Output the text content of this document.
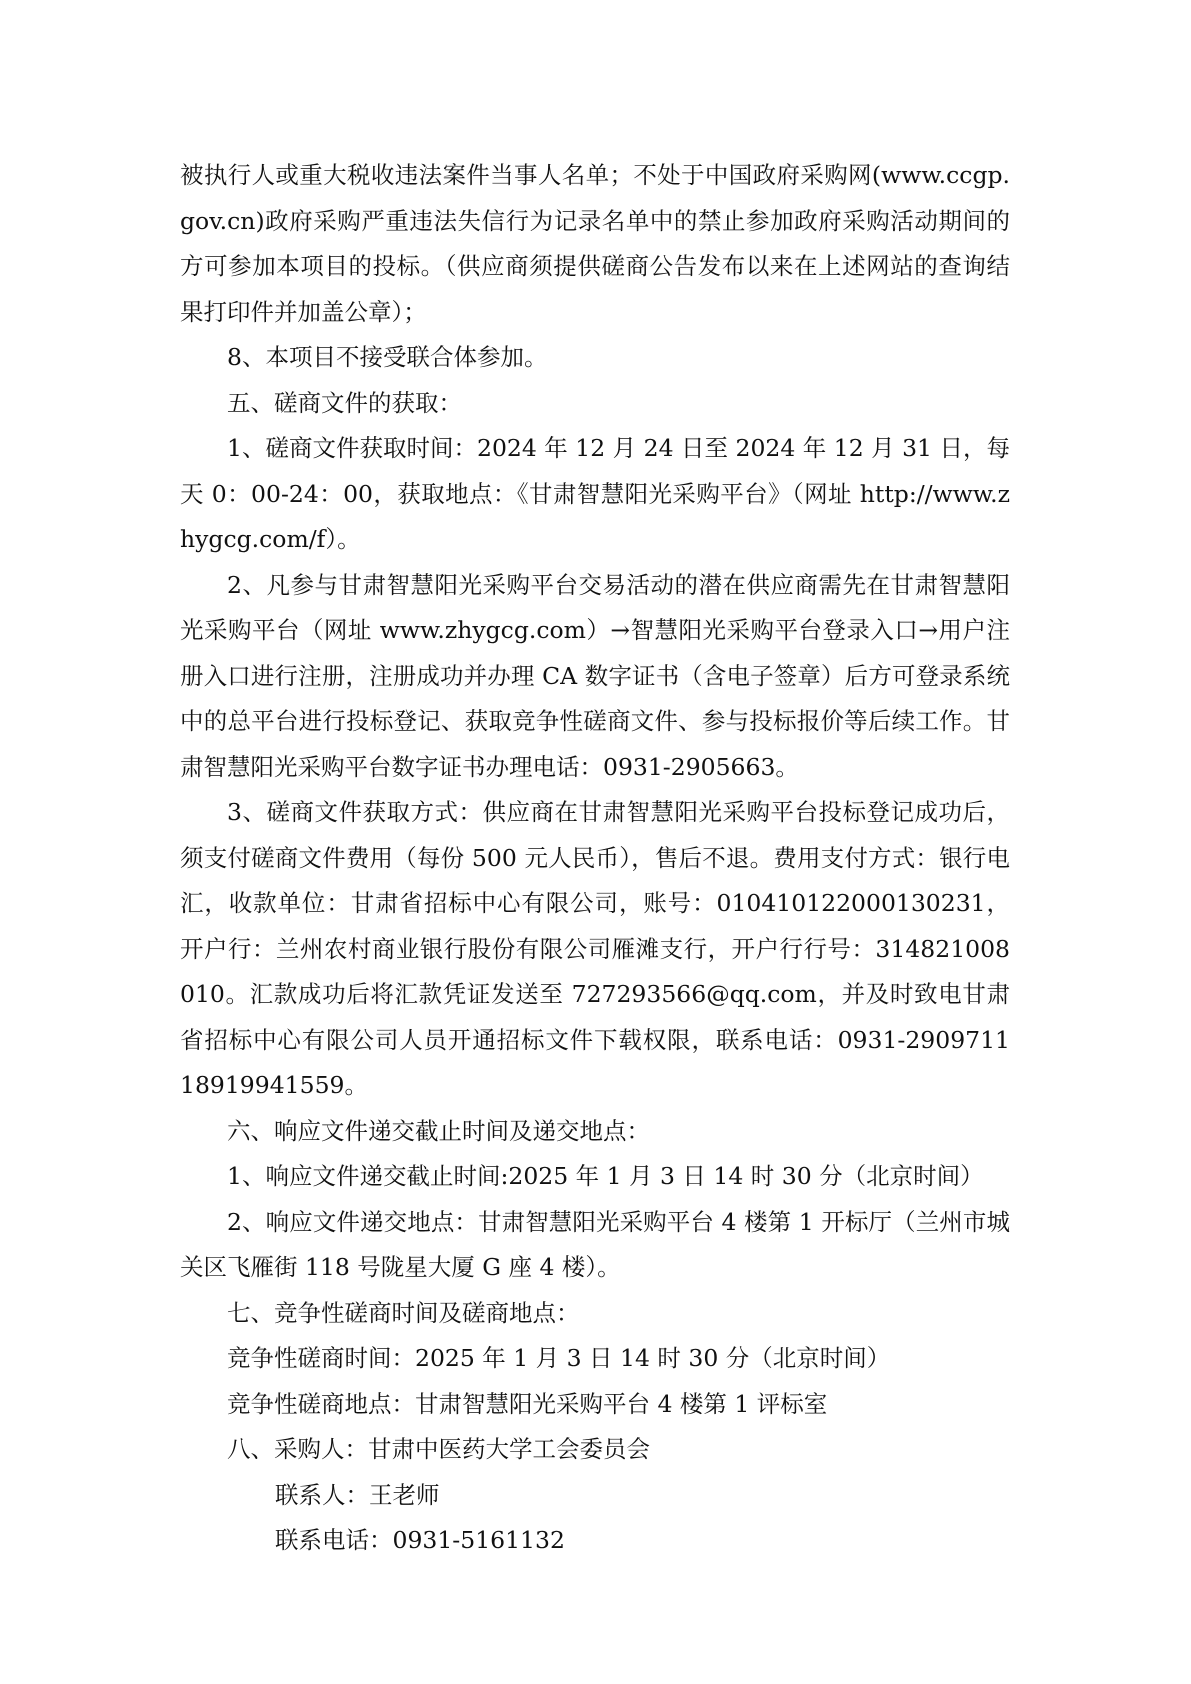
被执行人或重大税收违法案件当事人名单；不处于中国政府采购网(www.ccgp.gov.cn)政府采购严重违法失信行为记录名单中的禁止参加政府采购活动期间的方可参加本项目的投标。（供应商须提供磋商公告发布以来在上述网站的查询结果打印件并加盖公章）；

8、本项目不接受联合体参加。

五、磋商文件的获取：

1、磋商文件获取时间：2024 年 12 月 24 日至 2024 年 12 月 31 日，每天 0：00-24：00，获取地点：《甘肃智慧阳光采购平台》（网址 http://www.zhygcg.com/f）。

2、凡参与甘肃智慧阳光采购平台交易活动的潜在供应商需先在甘肃智慧阳光采购平台（网址 www.zhygcg.com）→智慧阳光采购平台登录入口→用户注册入口进行注册，注册成功并办理 CA 数字证书（含电子签章）后方可登录系统中的总平台进行投标登记、获取竞争性磋商文件、参与投标报价等后续工作。甘肃智慧阳光采购平台数字证书办理电话：0931-2905663。

3、磋商文件获取方式：供应商在甘肃智慧阳光采购平台投标登记成功后，须支付磋商文件费用（每份 500 元人民币），售后不退。费用支付方式：银行电汇，收款单位：甘肃省招标中心有限公司，账号：010410122000130231，开户行：兰州农村商业银行股份有限公司雁滩支行，开户行行号：314821008010。汇款成功后将汇款凭证发送至 727293566@qq.com，并及时致电甘肃省招标中心有限公司人员开通招标文件下载权限，联系电话：0931-2909711　 18919941559。

六、响应文件递交截止时间及递交地点：

1、响应文件递交截止时间:2025 年 1 月 3 日 14 时 30 分（北京时间）

2、响应文件递交地点：甘肃智慧阳光采购平台 4 楼第 1 开标厅（兰州市城关区飞雁街 118 号陇星大厦 G 座 4 楼）。

七、竞争性磋商时间及磋商地点：

竞争性磋商时间：2025 年 1 月 3 日 14 时 30 分（北京时间）

竞争性磋商地点：甘肃智慧阳光采购平台 4 楼第 1 评标室

八、采购人：甘肃中医药大学工会委员会

联系人：王老师

联系电话：0931-5161132
